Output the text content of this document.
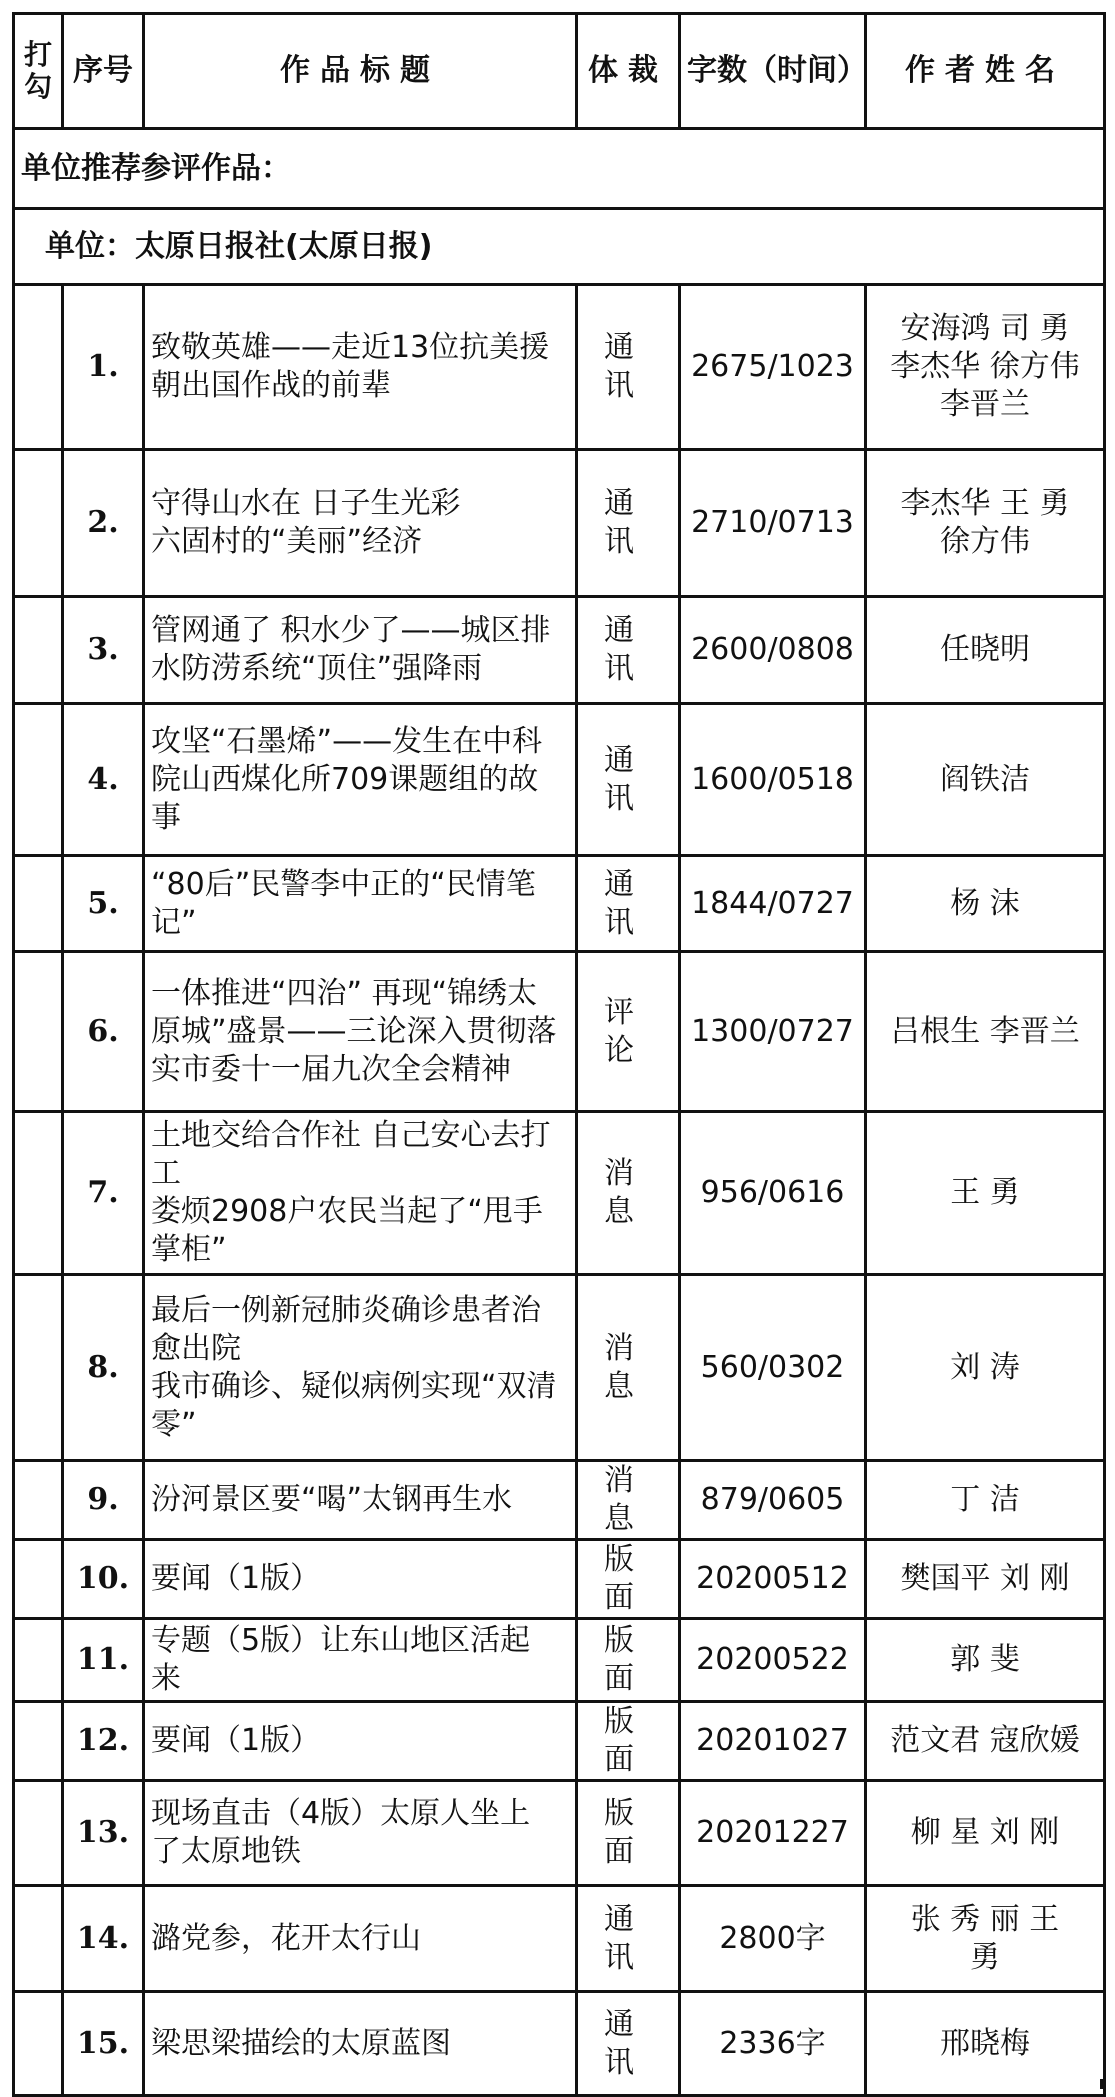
打勾	序号	作品标题	体裁	字数（时间）	作者姓名
单位推荐参评作品：					
单位：太原日报社(太原日报)					
	1.	致敬英雄——走近13位抗美援
朝出国作战的前辈	通讯	2675/1023	安海鸿 司 勇
李杰华 徐方伟
李晋兰

	2.	守得山水在 日子生光彩
六固村的“美丽”经济	通讯	2710/0713	李杰华 王 勇
徐方伟

	3.	管网通了 积水少了——城区排
水防涝系统“顶住”强降雨	通讯	2600/0808	任晓明

	4.	攻坚“石墨烯”——发生在中科
院山西煤化所709课题组的故
事	通讯	1600/0518	阎铁洁

	5.	“80后”民警李中正的“民情笔
记”	通讯	1844/0727	杨 沫

	6.	一体推进“四治” 再现“锦绣太
原城”盛景——三论深入贯彻落
实市委十一届九次全会精神	评论	1300/0727	吕根生 李晋兰

	7.	土地交给合作社 自己安心去打
工
娄烦2908户农民当起了“甩手
掌柜”	消息	956/0616	王 勇

	8.	最后一例新冠肺炎确诊患者治
愈出院
我市确诊、疑似病例实现“双清
零”	消息	560/0302	刘 涛

	9.	汾河景区要“喝”太钢再生水	消息	879/0605	丁 洁

	10.	要闻（1版）	版面	20200512	樊国平 刘 刚

	11.	专题（5版）让东山地区活起
来	版面	20200522	郭 斐

	12.	要闻（1版）	版面	20201027	范文君 寇欣媛

	13.	现场直击（4版）太原人坐上
了太原地铁	版面	20201227	柳 星 刘 刚

	14.	潞党参，花开太行山	通讯	2800字	张 秀 丽 王
勇

	15.	梁思梁描绘的太原蓝图	通讯	2336字	邢晓梅
